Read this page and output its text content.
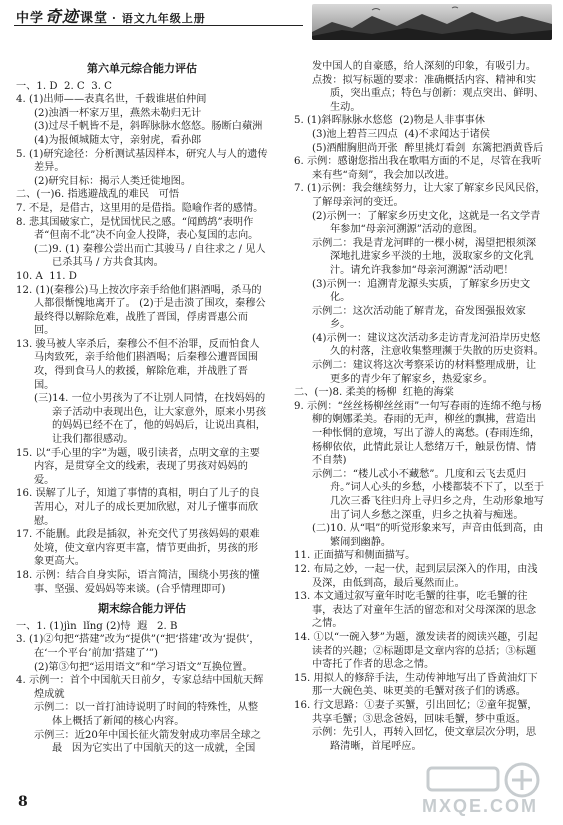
中学奇迹课堂 · 语文九年级上册
第六单元综合能力评估

一、1. D  2. C  3. C

4. (1)出师——表真名世，千载谁堪伯仲间

(2)浊酒一杯家万里，燕然未勒归无计

(3)过尽千帆皆不是，斜晖脉脉水悠悠。肠断白蘋洲

(4)为报倾城随太守，亲射虎，看孙郎

5. (1)研究途径：分析测试基因样本，研究人与人的遗传差异。

(2)研究目标：揭示人类迁徙地图。

二、(一)6. 指逃避战乱的难民   可悟

7. 不是，是借古，这里用的是借指。隐喻作者的感情。

8. 悲其国破家亡，是忧国忧民之感。“闻鹧鸪”表明作者“但南不北”决不向金人投降，表心复国的志向。

(二)9. (1) 秦穆公尝出而亡其骏马 / 自往求之 / 见人已杀其马 / 方共食其肉。

10. A  11. D

12. (1)(秦穆公)马上按次序亲手给他们斟酒喝，杀马的人都很惭愧地离开了。 (2)于是击溃了围攻，秦穆公最终得以解除危难，战胜了晋国，俘虏晋惠公而回。

13. 骏马被人宰杀后，秦穆公不但不治罪，反而怕食人马肉致死，亲手给他们斟酒喝；后秦穆公遭晋国围攻，得到食马人的救援，解除危难，并战胜了晋国。

(三)14. 一位小男孩为了不让别人同情，在找妈妈的亲子活动中表现出色，让大家意外，原来小男孩的妈妈已经不在了，他的妈妈后，让说出真相，让我们都很感动。

15. 以“手心里的字”为题，吸引读者，点明文章的主要内容，是贯穿全文的线索，表现了男孩对妈妈的爱。

16. 误解了儿子，知道了事情的真相，明白了儿子的良苦用心，对儿子的成长更加欣慰，对儿子懂事而欣慰。

17. 不能删。此段是插叙，补充交代了男孩妈妈的艰难处境，使文章内容更丰富，情节更曲折，男孩的形象更高大。

18. 示例：结合自身实际，语言简洁，围绕小男孩的懂事、坚强、爱妈妈等来谈。(合乎情理即可)

期末综合能力评估

一、1. (1)jìn  lǐng (2)恃  遐   2. B

3. (1)②句把“搭建”改为“提供”(“把‘搭建’改为‘提供’，在‘一个平台’前加‘搭建了’”)

(2)第③句把“运用语文”和“学习语文”互换位置。

4. 示例一：首个中国航天日前夕，专家总结中国航天辉煌成就

示例二：以一首打油诗说明了时间的特殊性，从整体上概括了新闻的核心内容。

示例三：近20年中国长征火箭发射成功率居全球之最   因为它实出了中国航天的这一成就，全国

发中国人的自豪感，给人深刻的印象，有吸引力。

点拨：拟写标题的要求：准确概括内容、精神和实质，突出重点；特色与创新：观点突出、鲜明、生动。

5. (1)斜晖脉脉水悠悠  (2)物是人非事事休

(3)池上碧苔三四点  (4)不求闻达于诸侯

(5)酒酣胸胆尚开张  醉里挑灯看剑  东篱把酒黄昏后

6. 示例：感谢您指出我在歌唱方面的不足，尽管在我听来有些“奇刻”，我会加以改进。

7. (1)示例：我会继续努力，让大家了解家乡民风民俗，了解母亲河的变迁。

(2)示例一：了解家乡历史文化，这就是一名文学青年参加“母亲河溯源”活动的意图。

示例二：我是青龙河畔的一棵小树，渴望把根须深深地扎进家乡平淡的土地，汲取家乡的文化乳汁。请允许我参加“母亲河溯源”活动吧！

(3)示例一：追溯青龙源头实质，了解家乡历史文化。

示例二：这次活动能了解青龙，奋发图强报效家乡。

(4)示例一：建议这次活动多走访青龙河沿岸历史悠久的村落，注意收集整理濒于失散的历史资料。

示例二：建议将这次考察采访的材料整理成册，让更多的青少年了解家乡，热爱家乡。

二、(一)8. 柔美的杨柳  红艳的海棠

9. 示例：“丝丝杨柳丝丝雨”一句写春雨的连绵不绝与杨柳的婀娜柔美。春雨的无声，柳丝的飘拂，营造出一种怅惘的意境，写出了游人的离愁。(春雨连绵，杨柳依依，此情此景让人愁绪万千，触景伤情、情不自禁)

示例二：“楼儿忒小不藏愁”。几度和云飞去觅归舟。”词人心头的乡愁，小楼都装不下了，以至于几次三番飞往归舟上寻归乡之舟，生动形象地写出了词人乡愁之深重，归乡之执着与痴迷。

(二)10. 从“唱”的听觉形象来写，声音由低到高，由繁闹到幽静。

11. 正面描写和侧面描写。

12. 布局之妙，一起一伏，起到层层深入的作用，由浅及深，由低到高，最后戛然而止。

13. 本文通过叙写童年时吃毛蟹的往事，吃毛蟹的往事，表达了对童年生活的留恋和对父母深深的思念之情。

14. ①以“一碗入梦”为题，激发读者的阅读兴趣，引起读者的兴趣；②标题即是文章内容的总括；③标题中寄托了作者的思念之情。

15. 用拟人的修辞手法，生动传神地写出了昏黄油灯下那一大碗色美、味更美的毛蟹对孩子们的诱惑。

16. 行文思路：①妻子买蟹，引出回忆；②童年捉蟹，共享毛蟹；③思念爸妈，回味毛蟹，梦中重返。

示例：先引人，再转入回忆，使文章层次分明，思路清晰，首尾呼应。

8	MXQE.COM
